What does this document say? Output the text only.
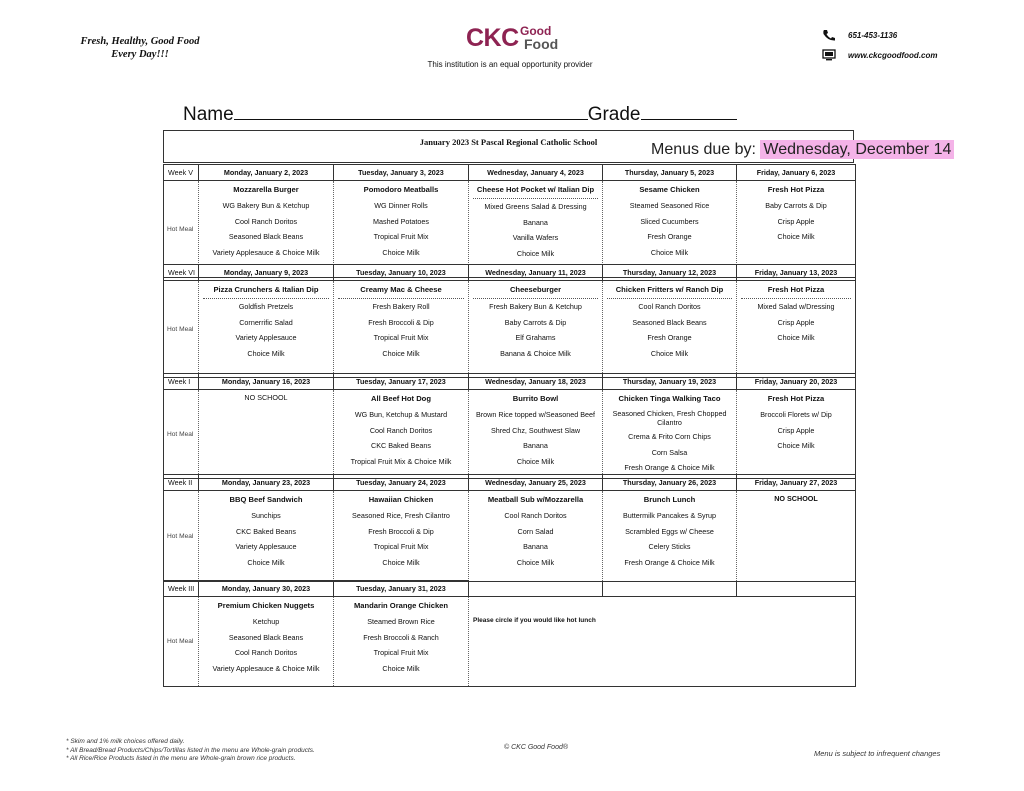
Fresh, Healthy, Good Food
Every Day!!!
CKC Good
Food
This institution is an equal opportunity provider
651-453-1136
www.ckcgoodfood.com
Name	Grade
January 2023 St Pascal Regional Catholic School	Menus due by: Wednesday, December 14
Week V	Monday, January 2, 2023	Tuesday, January 3, 2023	Wednesday, January 4, 2023	Thursday, January 5, 2023	Friday, January 6, 2023
Hot Meal	Mozzarella Burger
WG Bakery Bun & Ketchup
Cool Ranch Doritos
Seasoned Black Beans
Variety Applesauce & Choice Milk	Pomodoro Meatballs
WG Dinner Rolls
Mashed Potatoes
Tropical Fruit Mix
Choice Milk	Cheese Hot Pocket w/ Italian Dip
Mixed Greens Salad & Dressing
Banana
Vanilla Wafers
Choice Milk	Sesame Chicken
Steamed Seasoned Rice
Sliced Cucumbers
Fresh Orange
Choice Milk	Fresh Hot Pizza
Baby Carrots & Dip
Crisp Apple
Choice Milk
Week VI	Monday, January 9, 2023	Tuesday, January 10, 2023	Wednesday, January 11, 2023	Thursday, January 12, 2023	Friday, January 13, 2023
Hot Meal	Pizza Crunchers & Italian Dip
Goldfish Pretzels
Cornerrific Salad
Variety Applesauce
Choice Milk	Creamy Mac & Cheese
Fresh Bakery Roll
Fresh Broccoli & Dip
Tropical Fruit Mix
Choice Milk	Cheeseburger
Fresh Bakery Bun & Ketchup
Baby Carrots & Dip
Elf Grahams
Banana & Choice Milk	Chicken Fritters w/ Ranch Dip
Cool Ranch Doritos
Seasoned Black Beans
Fresh Orange
Choice Milk	Fresh Hot Pizza
Mixed Salad w/Dressing
Crisp Apple
Choice Milk
Week I	Monday, January 16, 2023	Tuesday, January 17, 2023	Wednesday, January 18, 2023	Thursday, January 19, 2023	Friday, January 20, 2023
Hot Meal	NO SCHOOL	All Beef Hot Dog
WG Bun, Ketchup & Mustard
Cool Ranch Doritos
CKC Baked Beans
Tropical Fruit Mix & Choice Milk	Burrito Bowl
Brown Rice topped w/Seasoned Beef
Shred Chz, Southwest Slaw
Banana
Choice Milk	Chicken Tinga Walking Taco
Seasoned Chicken, Fresh Chopped Cilantro
Crema & Frito Corn Chips
Corn Salsa
Fresh Orange & Choice Milk	Fresh Hot Pizza
Broccoli Florets w/ Dip
Crisp Apple
Choice Milk
Week II	Monday, January 23, 2023	Tuesday, January 24, 2023	Wednesday, January 25, 2023	Thursday, January 26, 2023	Friday, January 27, 2023
Hot Meal	BBQ Beef Sandwich
Sunchips
CKC Baked Beans
Variety Applesauce
Choice Milk	Hawaiian Chicken
Seasoned Rice, Fresh Cilantro
Fresh Broccoli & Dip
Tropical Fruit Mix
Choice Milk	Meatball Sub w/Mozzarella
Cool Ranch Doritos
Corn Salad
Banana
Choice Milk	Brunch Lunch
Buttermilk Pancakes & Syrup
Scrambled Eggs w/ Cheese
Celery Sticks
Fresh Orange & Choice Milk	NO SCHOOL
Week III	Monday, January 30, 2023	Tuesday, January 31, 2023			
Hot Meal	Premium Chicken Nuggets
Ketchup
Seasoned Black Beans
Cool Ranch Doritos
Variety Applesauce & Choice Milk	Mandarin Orange Chicken
Steamed Brown Rice
Fresh Broccoli & Ranch
Tropical Fruit Mix
Choice Milk	Please circle if you would like hot lunch		
* Skim and 1% milk choices offered daily.
* All Bread/Bread Products/Chips/Tortillas listed in the menu are Whole-grain products.
* All Rice/Rice Products listed in the menu are Whole-grain brown rice products.
© CKC Good Food®
Menu is subject to infrequent changes
